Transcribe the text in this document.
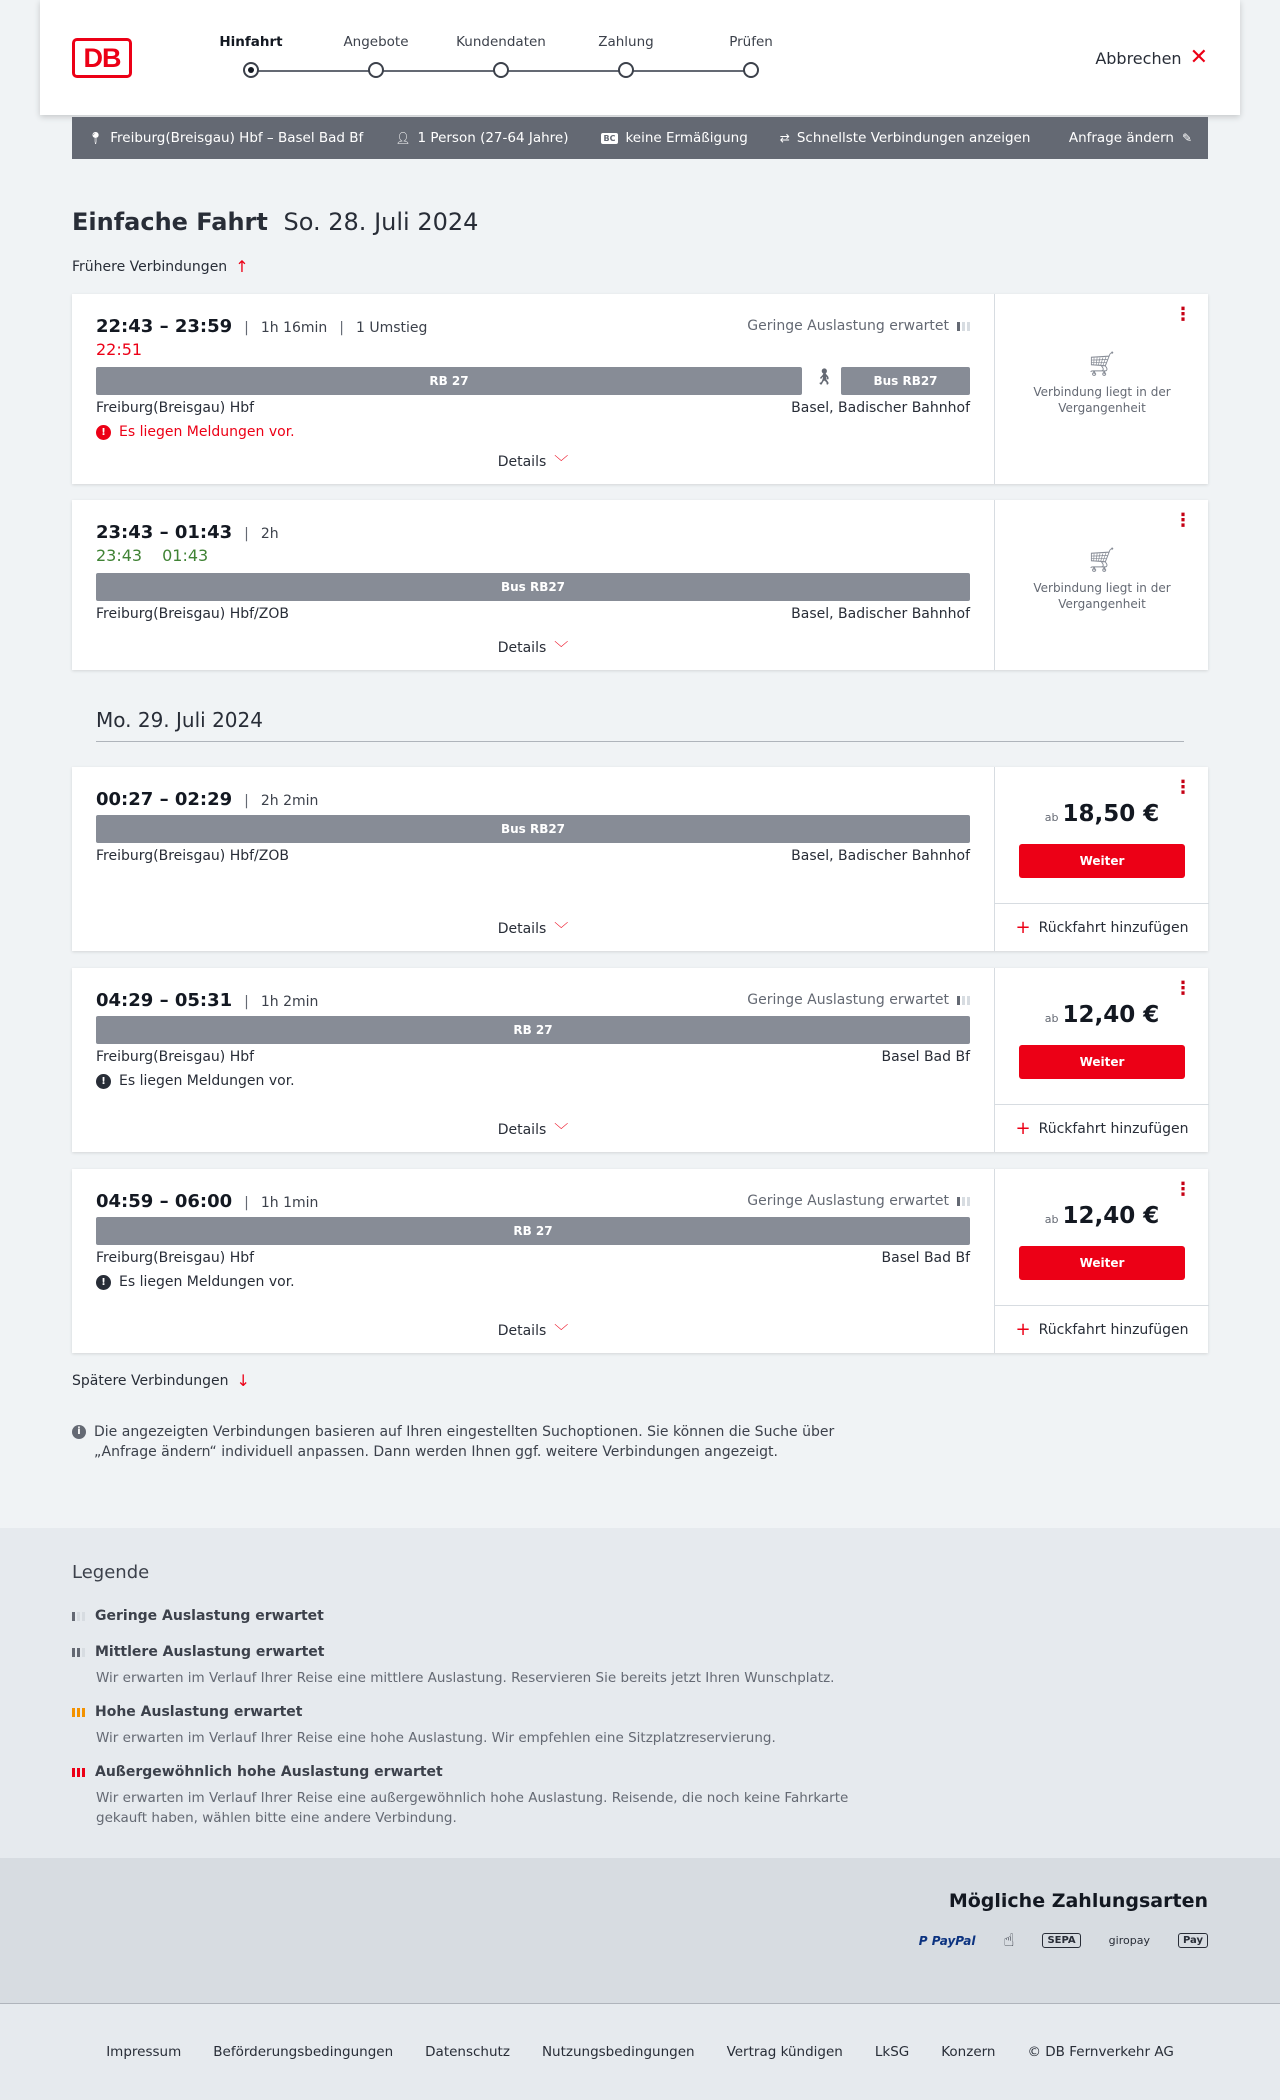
DB
Hinfahrt	Angebote	Kundendaten	Zahlung	Prüfen
Abbrechen ✕
📍︎ Freiburg(Breisgau) Hbf – Basel Bad Bf	👤︎ 1 Person (27-64 Jahre)	BC keine Ermäßigung	⇄ Schnellste Verbindungen anzeigen	Anfrage ändern ✎
Einfache Fahrt So. 28. Juli 2024
Frühere Verbindungen ↑
22:43 – 23:59 | 1h 16min | 1 Umstieg
22:51
Geringe Auslastung erwartet
RB 27	🚶︎	Bus RB27
Freiburg(Breisgau) Hbf	Basel, Badischer Bahnhof
! Es liegen Meldungen vor.
Details ﹀
⋮
🛒︎
Verbindung liegt in der Vergangenheit
23:43 – 01:43 | 2h
23:43 01:43
Bus RB27
Freiburg(Breisgau) Hbf/ZOB	Basel, Badischer Bahnhof
Details ﹀
⋮
🛒︎
Verbindung liegt in der Vergangenheit
Mo. 29. Juli 2024
00:27 – 02:29 | 2h 2min
Bus RB27
Freiburg(Breisgau) Hbf/ZOB	Basel, Badischer Bahnhof
Details ﹀
⋮
ab 18,50 €
Weiter
+ Rückfahrt hinzufügen
04:29 – 05:31 | 1h 2min	Geringe Auslastung erwartet
RB 27
Freiburg(Breisgau) Hbf	Basel Bad Bf
! Es liegen Meldungen vor.
Details ﹀
⋮
ab 12,40 €
Weiter
+ Rückfahrt hinzufügen
04:59 – 06:00 | 1h 1min	Geringe Auslastung erwartet
RB 27
Freiburg(Breisgau) Hbf	Basel Bad Bf
! Es liegen Meldungen vor.
Details ﹀
⋮
ab 12,40 €
Weiter
+ Rückfahrt hinzufügen
Spätere Verbindungen ↓
i Die angezeigten Verbindungen basieren auf Ihren eingestellten Suchoptionen. Sie können die Suche über „Anfrage ändern“ individuell anpassen. Dann werden Ihnen ggf. weitere Verbindungen angezeigt.
Legende
Geringe Auslastung erwartet
Mittlere Auslastung erwartet
Wir erwarten im Verlauf Ihrer Reise eine mittlere Auslastung. Reservieren Sie bereits jetzt Ihren Wunschplatz.
Hohe Auslastung erwartet
Wir erwarten im Verlauf Ihrer Reise eine hohe Auslastung. Wir empfehlen eine Sitzplatzreservierung.
Außergewöhnlich hohe Auslastung erwartet
Wir erwarten im Verlauf Ihrer Reise eine außergewöhnlich hohe Auslastung. Reisende, die noch keine Fahrkarte gekauft haben, wählen bitte eine andere Verbindung.
Mögliche Zahlungsarten
P PayPal ☝︎	SEPA	giropay	Pay
Impressum Beförderungsbedingungen Datenschutz Nutzungsbedingungen Vertrag kündigen LkSG Konzern © DB Fernverkehr AG
